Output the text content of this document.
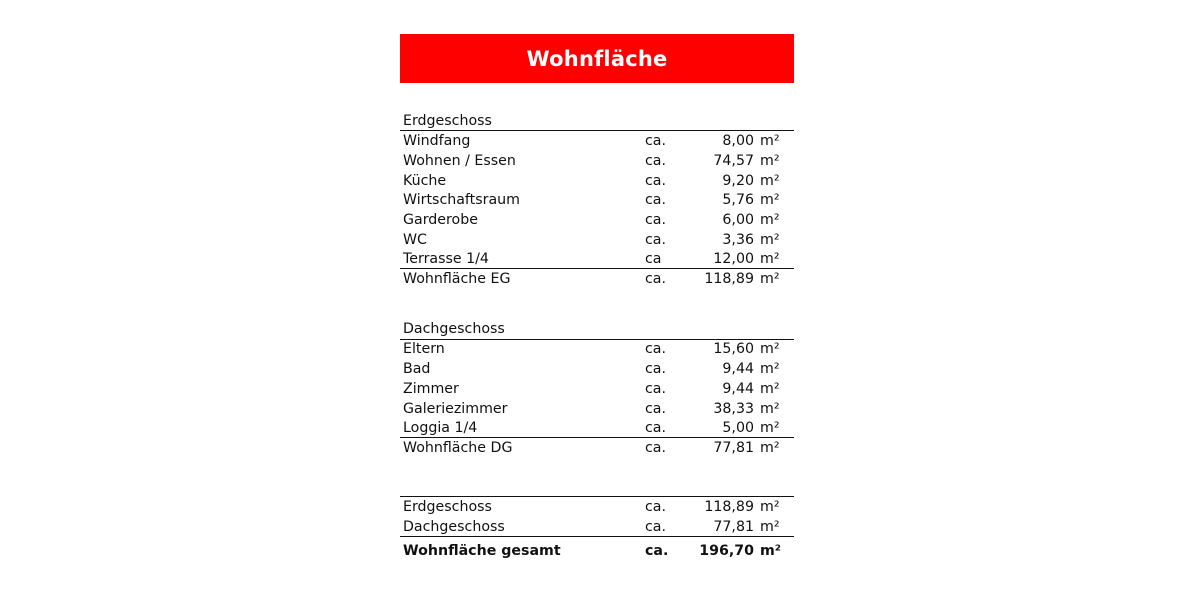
Wohnfläche
Erdgeschoss
Windfang	ca.	8,00 m²
Wohnen / Essen	ca.	74,57 m²
Küche	ca.	9,20 m²
Wirtschaftsraum	ca.	5,76 m²
Garderobe	ca.	6,00 m²
WC	ca.	3,36 m²
Terrasse 1/4	ca	12,00 m²
Wohnfläche EG	ca.	118,89 m²
Dachgeschoss
Eltern	ca.	15,60 m²
Bad	ca.	9,44 m²
Zimmer	ca.	9,44 m²
Galeriezimmer	ca.	38,33 m²
Loggia 1/4	ca.	5,00 m²
Wohnfläche DG	ca.	77,81 m²
Erdgeschoss	ca.	118,89 m²
Dachgeschoss	ca.	77,81 m²
Wohnfläche gesamt	ca. 196,70 m²
